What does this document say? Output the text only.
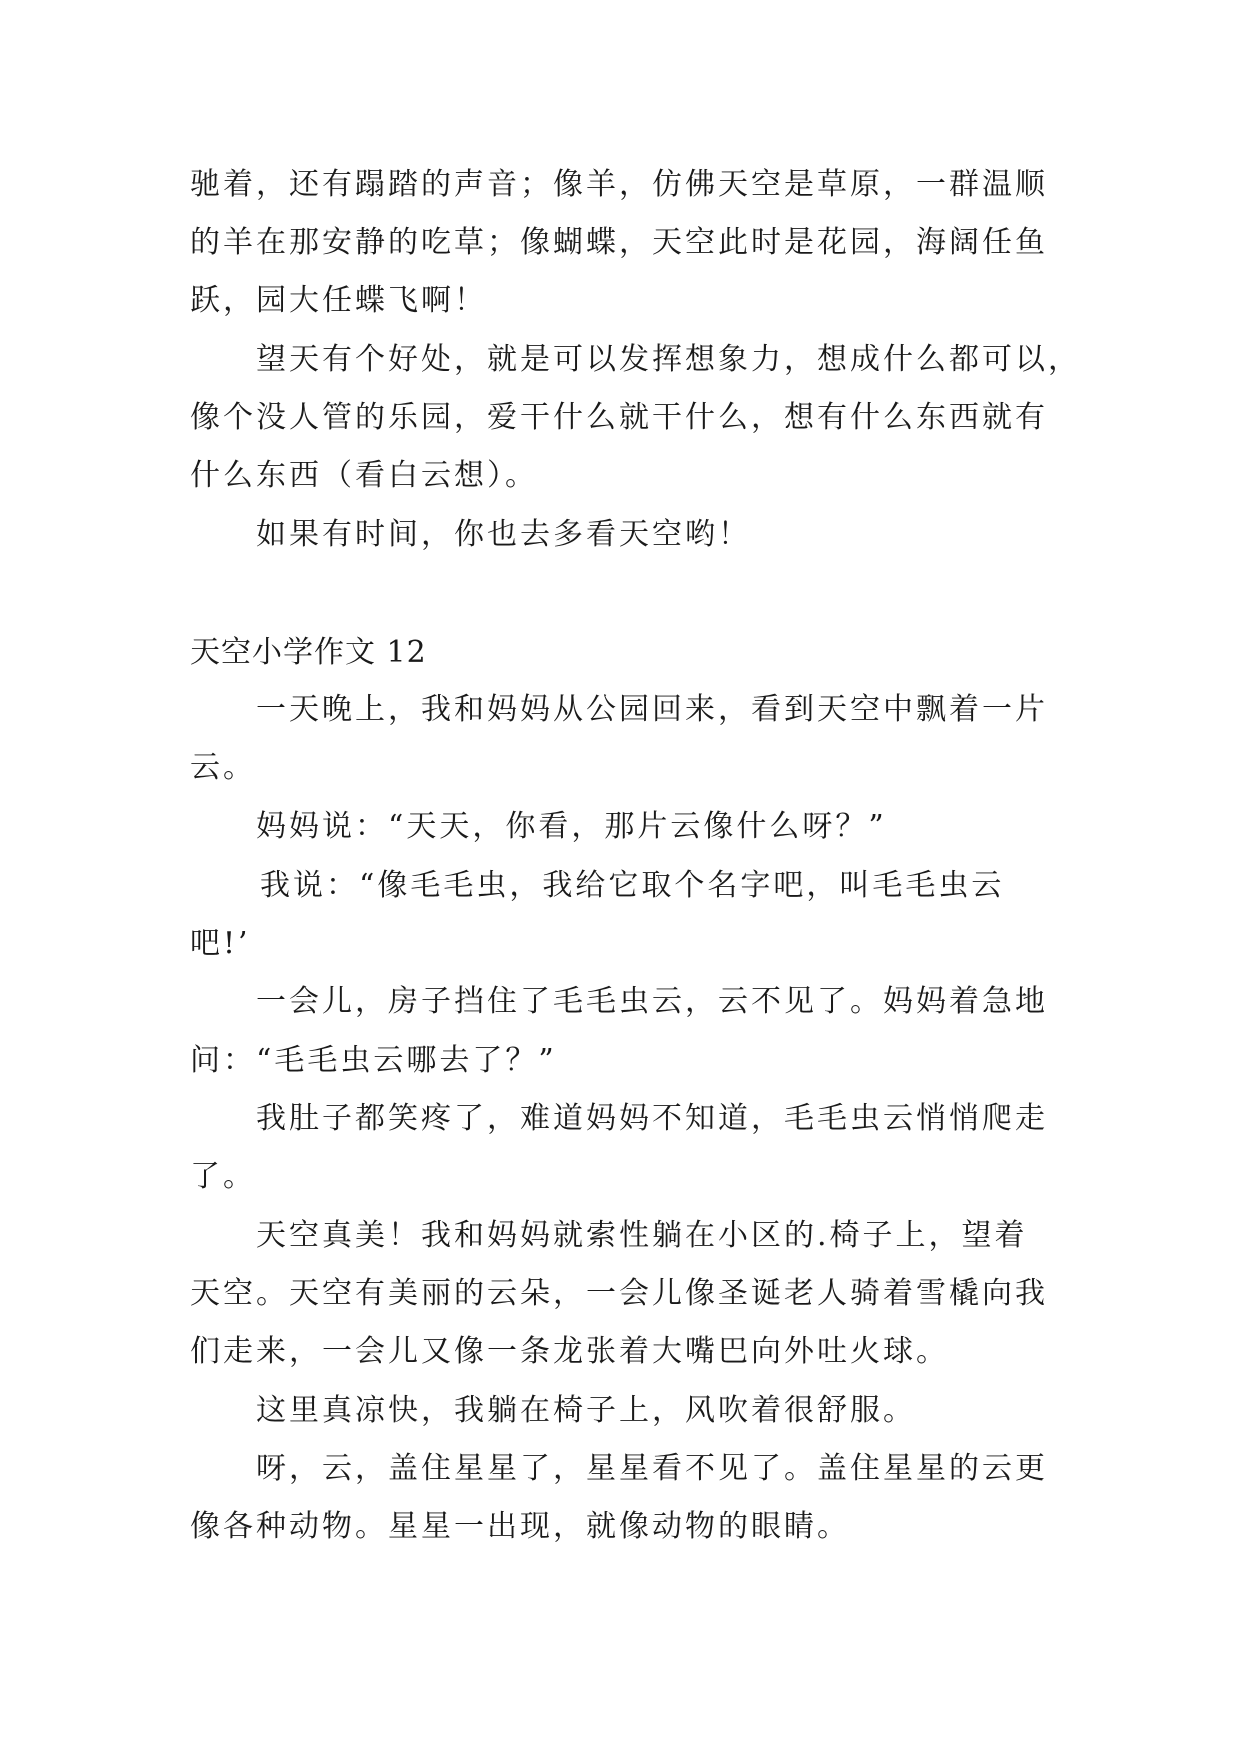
驰着，还有蹋踏的声音；像羊，仿佛天空是草原，一群温顺
的羊在那安静的吃草；像蝴蝶，天空此时是花园，海阔任鱼
跃，园大任蝶飞啊！
望天有个好处，就是可以发挥想象力，想成什么都可以，
像个没人管的乐园，爱干什么就干什么，想有什么东西就有
什么东西（看白云想）。
如果有时间，你也去多看天空哟！
天空小学作文 12
一天晚上，我和妈妈从公园回来，看到天空中飘着一片
云。
妈妈说：“天天，你看，那片云像什么呀？”
我说：“像毛毛虫，我给它取个名字吧，叫毛毛虫云
吧!’
一会儿，房子挡住了毛毛虫云，云不见了。妈妈着急地
问：“毛毛虫云哪去了？”
我肚子都笑疼了，难道妈妈不知道，毛毛虫云悄悄爬走
了。
天空真美！我和妈妈就索性躺在小区的.椅子上，望着
天空。天空有美丽的云朵，一会儿像圣诞老人骑着雪橇向我
们走来，一会儿又像一条龙张着大嘴巴向外吐火球。
这里真凉快，我躺在椅子上，风吹着很舒服。
呀，云，盖住星星了，星星看不见了。盖住星星的云更
像各种动物。星星一出现，就像动物的眼睛。
